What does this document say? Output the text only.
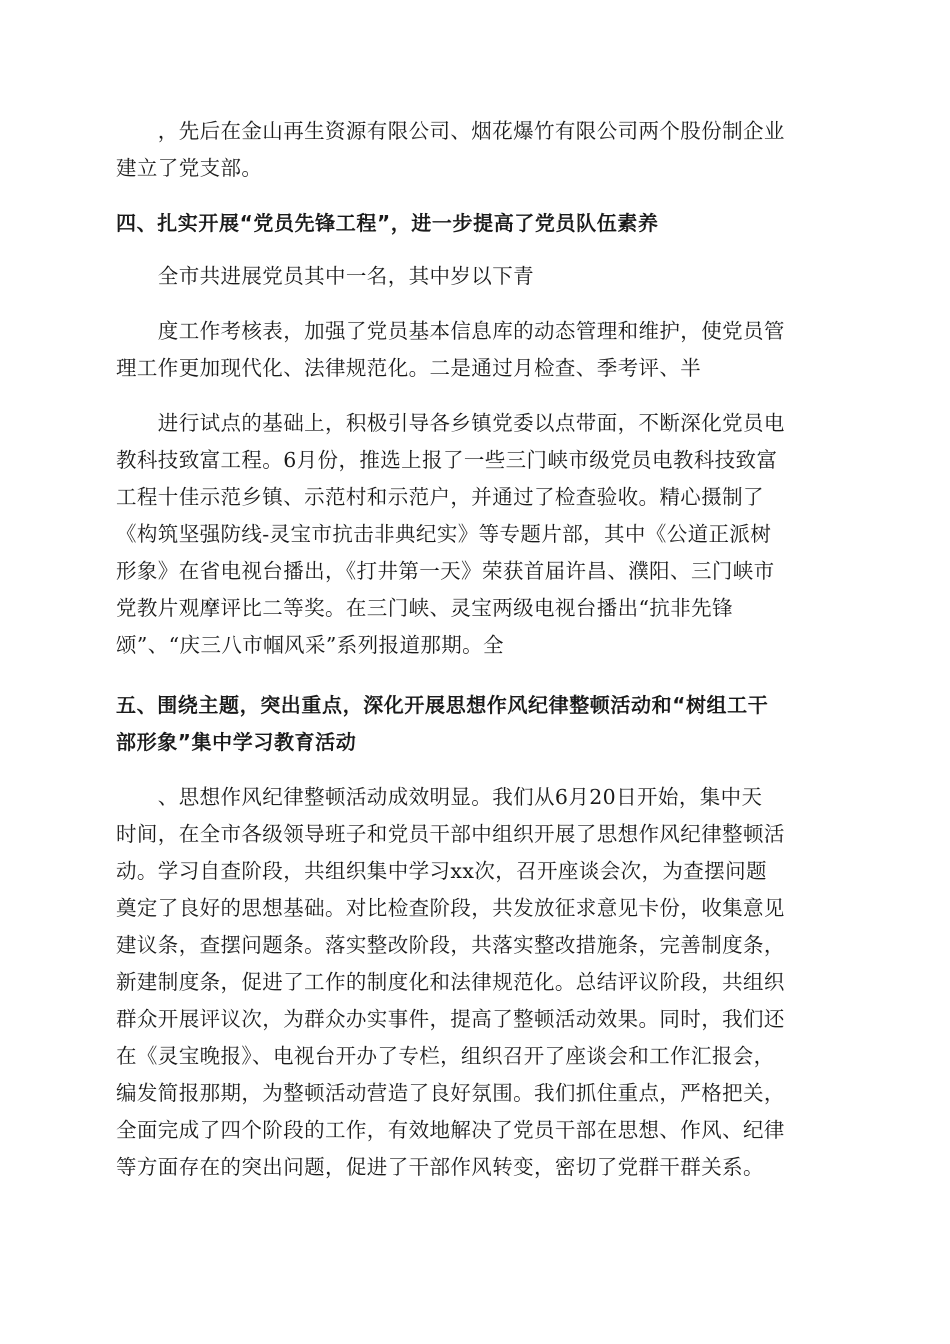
　　，先后在金山再生资源有限公司、烟花爆竹有限公司两个股份制企业
建立了党支部。
四、扎实开展“党员先锋工程”，进一步提高了党员队伍素养
　　全市共进展党员其中一名，其中岁以下青
　　度工作考核表，加强了党员基本信息库的动态管理和维护，使党员管
理工作更加现代化、法律规范化。二是通过月检查、季考评、半
　　进行试点的基础上，积极引导各乡镇党委以点带面，不断深化党员电
教科技致富工程。6月份，推选上报了一些三门峡市级党员电教科技致富
工程十佳示范乡镇、示范村和示范户，并通过了检查验收。精心摄制了
《构筑坚强防线-灵宝市抗击非典纪实》等专题片部，其中《公道正派树
形象》在省电视台播出，《打井第一天》荣获首届许昌、濮阳、三门峡市
党教片观摩评比二等奖。在三门峡、灵宝两级电视台播出“抗非先锋
颂”、“庆三八市帼风采”系列报道那期。全
五、围绕主题，突出重点，深化开展思想作风纪律整顿活动和“树组工干
部形象”集中学习教育活动
　　、思想作风纪律整顿活动成效明显。我们从6月20日开始，集中天
时间，在全市各级领导班子和党员干部中组织开展了思想作风纪律整顿活
动。学习自查阶段，共组织集中学习xx次，召开座谈会次，为查摆问题
奠定了良好的思想基础。对比检查阶段，共发放征求意见卡份，收集意见
建议条，查摆问题条。落实整改阶段，共落实整改措施条，完善制度条，
新建制度条，促进了工作的制度化和法律规范化。总结评议阶段，共组织
群众开展评议次，为群众办实事件，提高了整顿活动效果。同时，我们还
在《灵宝晚报》、电视台开办了专栏，组织召开了座谈会和工作汇报会，
编发简报那期，为整顿活动营造了良好氛围。我们抓住重点，严格把关，
全面完成了四个阶段的工作，有效地解决了党员干部在思想、作风、纪律
等方面存在的突出问题，促进了干部作风转变，密切了党群干群关系。
